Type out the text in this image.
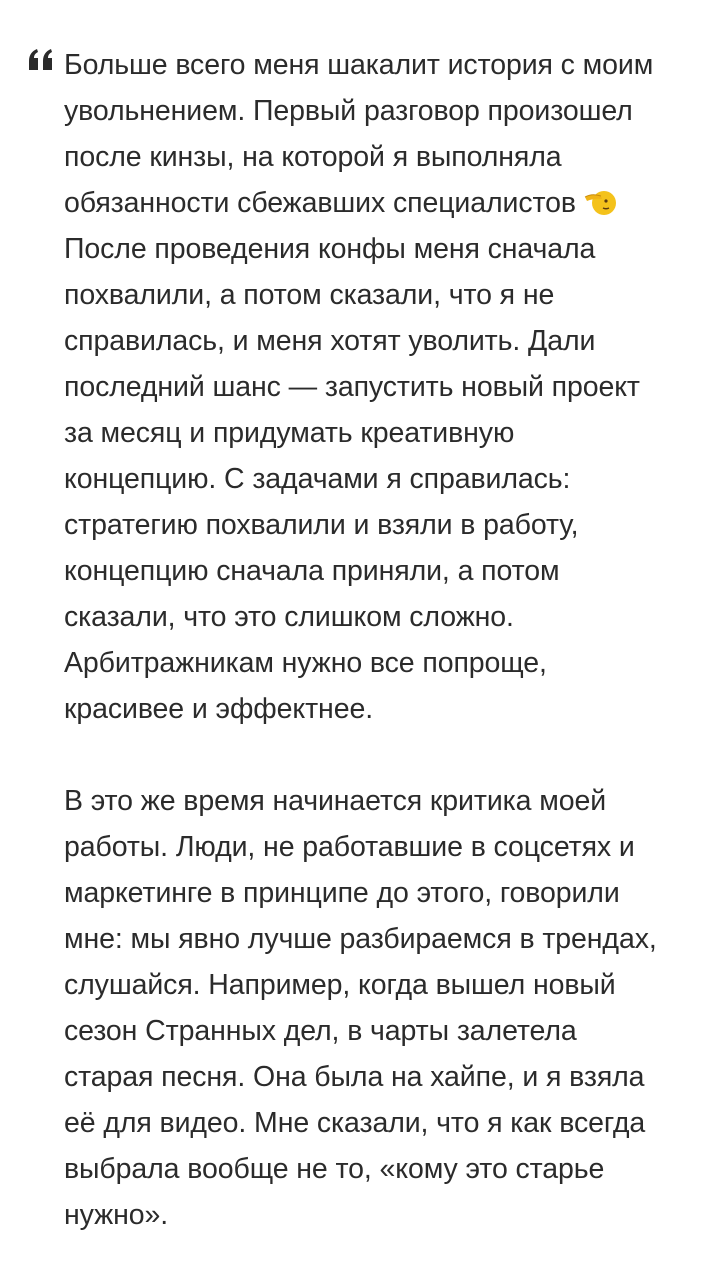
Больше всего меня шакалит история с моим
увольнением. Первый разговор произошел
после кинзы, на которой я выполняла
обязанности сбежавших специалистов
После проведения конфы меня сначала
похвалили, а потом сказали, что я не
справилась, и меня хотят уволить. Дали
последний шанс — запустить новый проект
за месяц и придумать креативную
концепцию. С задачами я справилась:
стратегию похвалили и взяли в работу,
концепцию сначала приняли, а потом
сказали, что это слишком сложно.
Арбитражникам нужно все попроще,
красивее и эффектнее.

В это же время начинается критика моей
работы. Люди, не работавшие в соцсетях и
маркетинге в принципе до этого, говорили
мне: мы явно лучше разбираемся в трендах,
слушайся. Например, когда вышел новый
сезон Странных дел, в чарты залетела
старая песня. Она была на хайпе, и я взяла
её для видео. Мне сказали, что я как всегда
выбрала вообще не то, «кому это старье
нужно».
